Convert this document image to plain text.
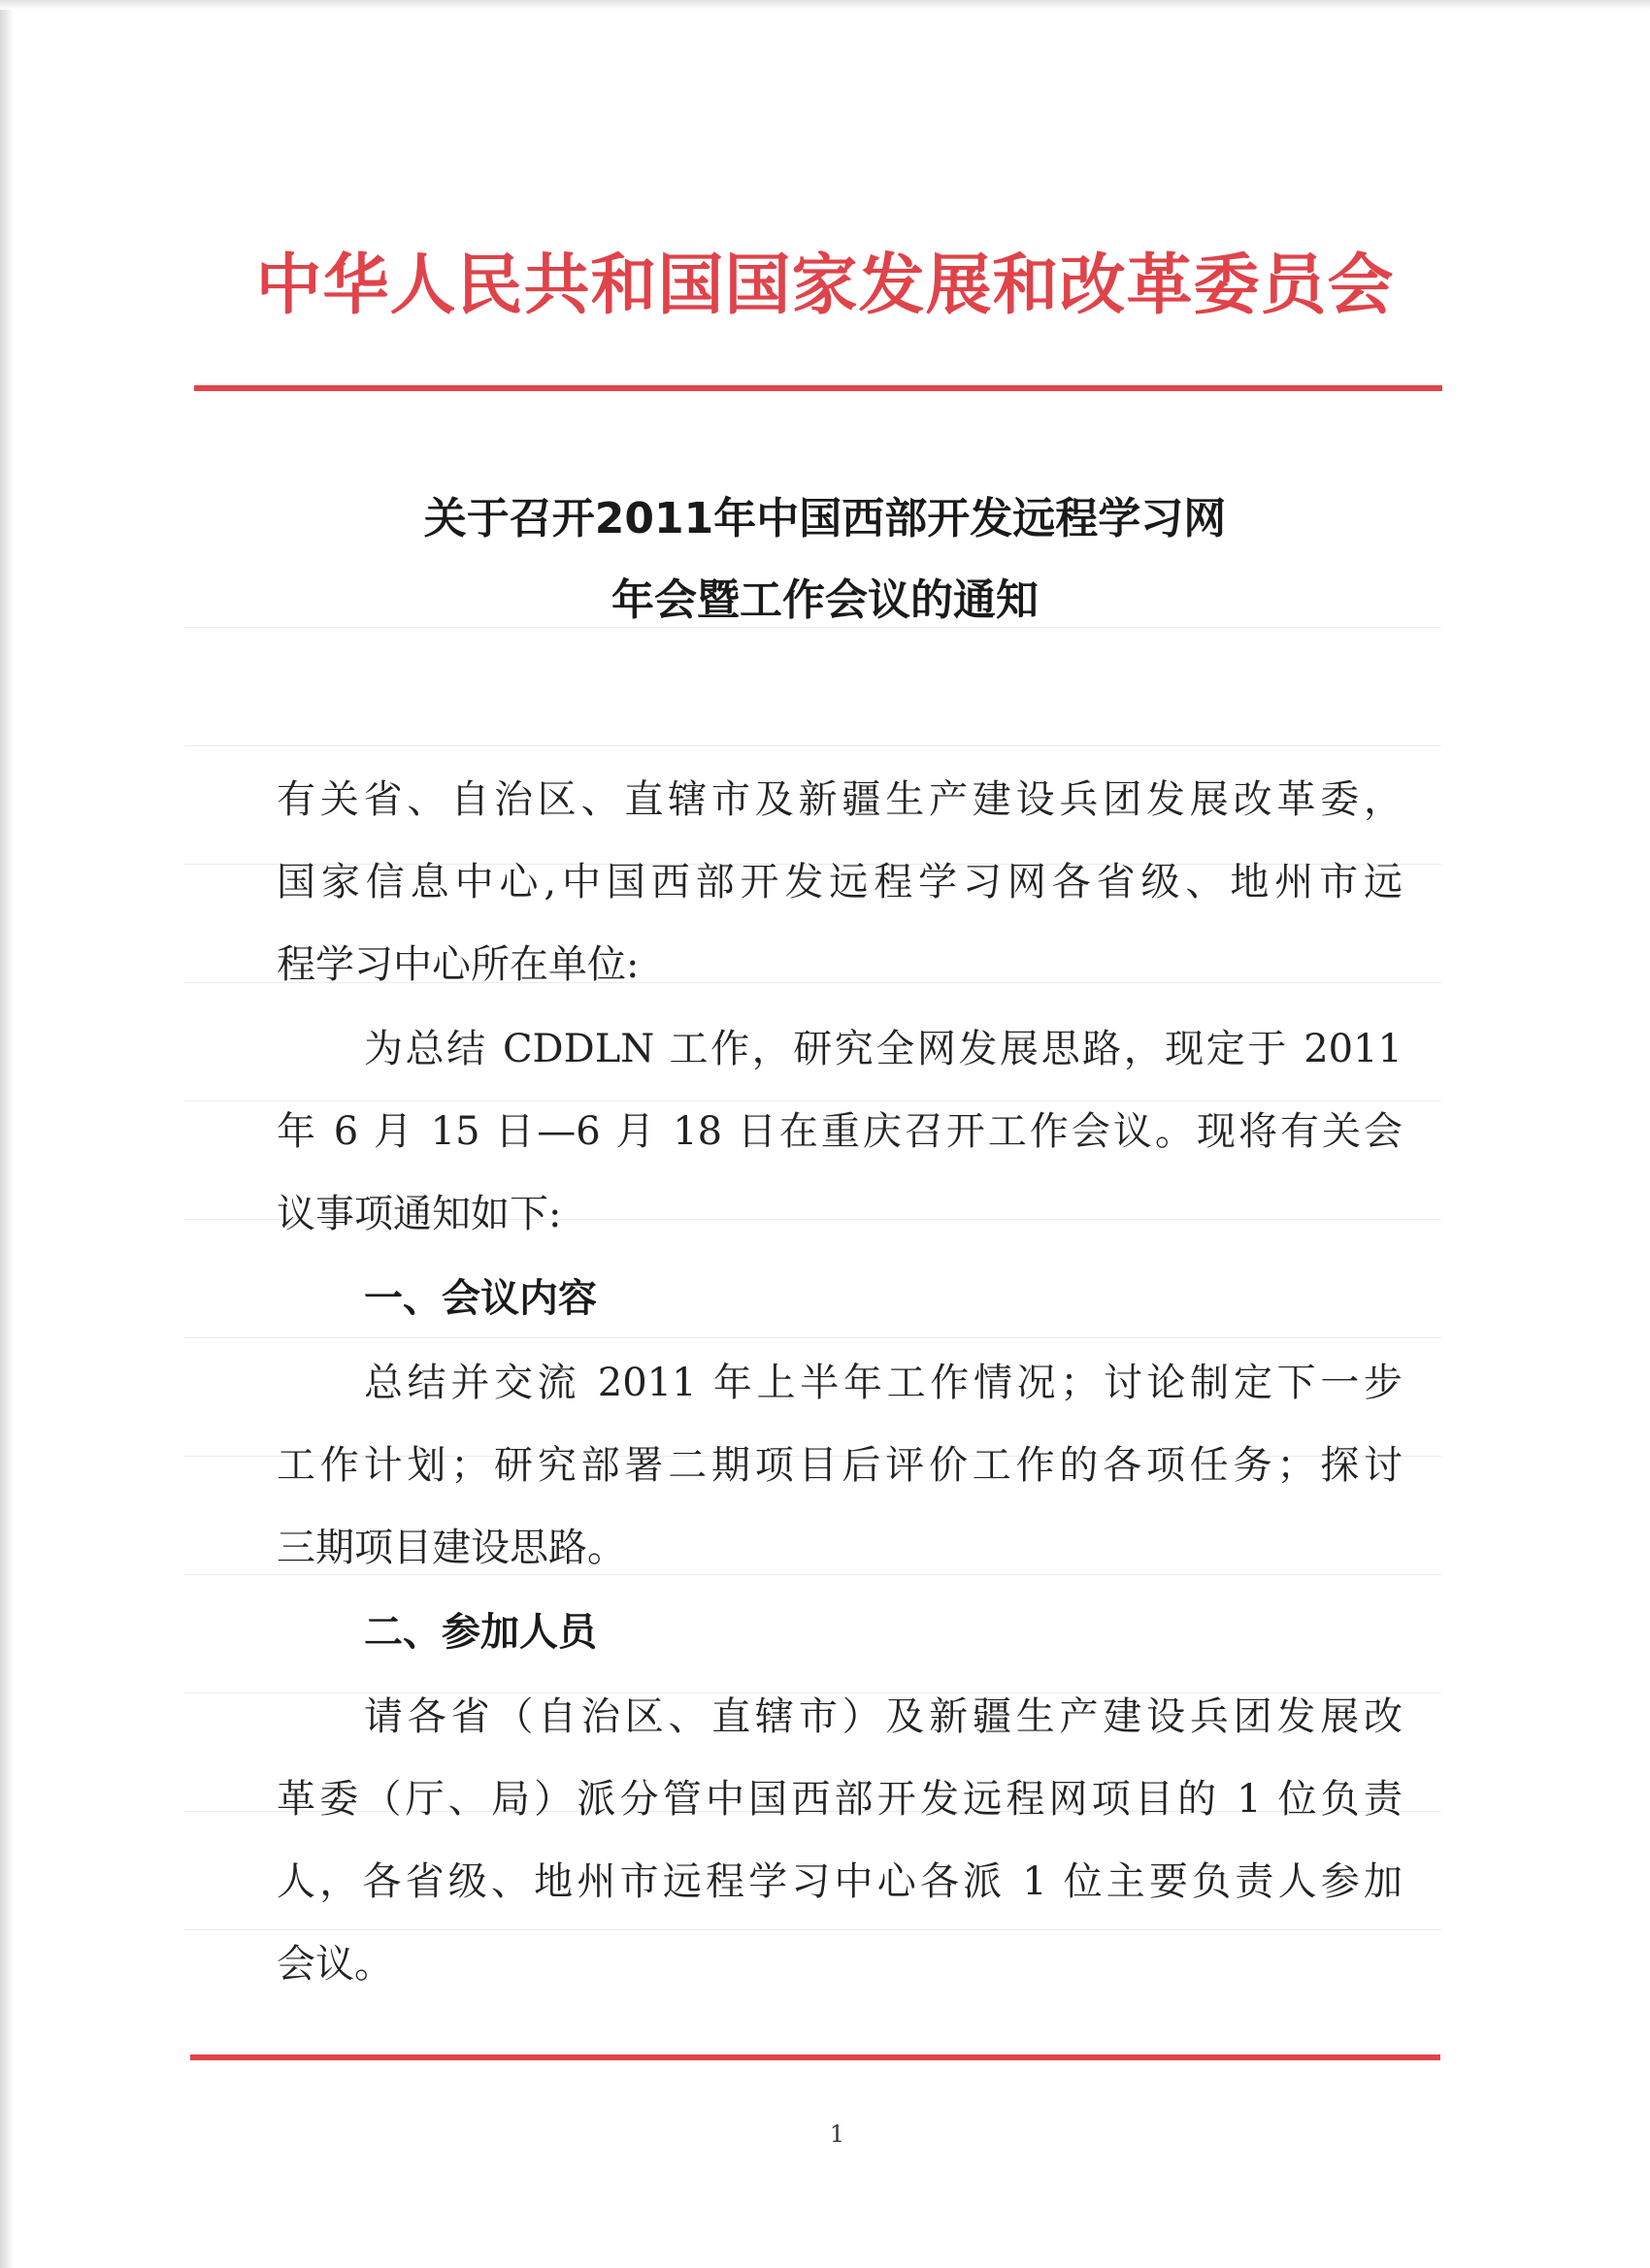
中华人民共和国国家发展和改革委员会
关于召开2011年中国西部开发远程学习网
年会暨工作会议的通知
有关省、自治区、直辖市及新疆生产建设兵团发展改革委，
国家信息中心,中国西部开发远程学习网各省级、地州市远
程学习中心所在单位:
为总结 CDDLN 工作，研究全网发展思路，现定于 2011
年 6 月 15 日—6 月 18 日在重庆召开工作会议。现将有关会
议事项通知如下:
一、会议内容
总结并交流 2011 年上半年工作情况；讨论制定下一步
工作计划；研究部署二期项目后评价工作的各项任务；探讨
三期项目建设思路。
二、参加人员
请各省（自治区、直辖市）及新疆生产建设兵团发展改
革委（厅、局）派分管中国西部开发远程网项目的 1 位负责
人，各省级、地州市远程学习中心各派 1 位主要负责人参加
会议。
1
